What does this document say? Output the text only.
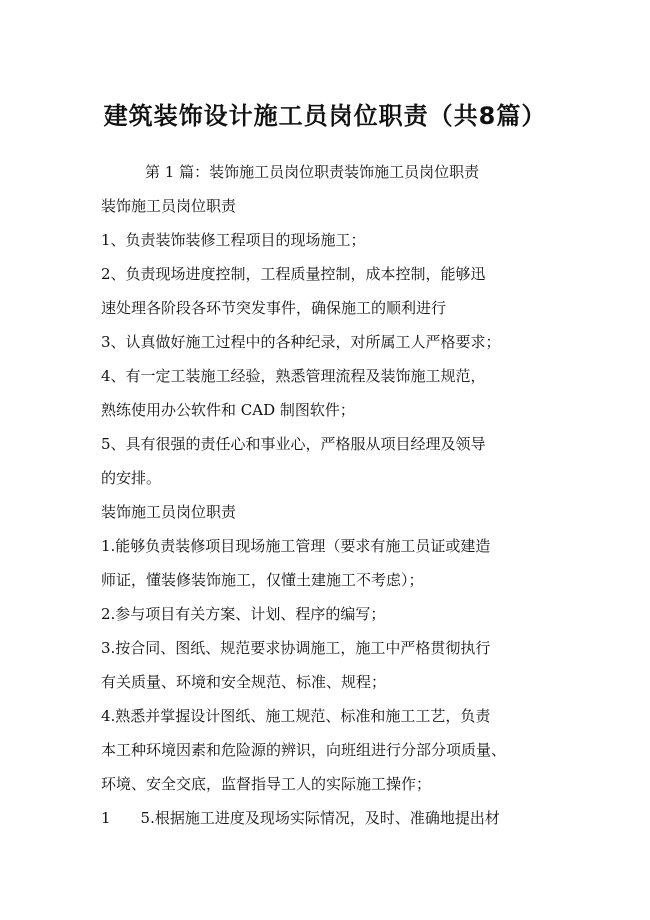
建筑装饰设计施工员岗位职责（共8篇）
第 1 篇：装饰施工员岗位职责装饰施工员岗位职责
装饰施工员岗位职责
1、负责装饰装修工程项目的现场施工；
2、负责现场进度控制，工程质量控制，成本控制，能够迅
速处理各阶段各环节突发事件，确保施工的顺利进行
3、认真做好施工过程中的各种纪录，对所属工人严格要求；
4、有一定工装施工经验，熟悉管理流程及装饰施工规范，
熟练使用办公软件和 CAD 制图软件；
5、具有很强的责任心和事业心，严格服从项目经理及领导
的安排。
装饰施工员岗位职责
1.能够负责装修项目现场施工管理（要求有施工员证或建造
师证，懂装修装饰施工，仅懂土建施工不考虑）；
2.参与项目有关方案、计划、程序的编写；
3.按合同、图纸、规范要求协调施工，施工中严格贯彻执行
有关质量、环境和安全规范、标准、规程；
4.熟悉并掌握设计图纸、施工规范、标准和施工工艺，负责
本工种环境因素和危险源的辨识，向班组进行分部分项质量、
环境、安全交底，监督指导工人的实际施工操作；
1 5.根据施工进度及现场实际情况，及时、准确地提出材
